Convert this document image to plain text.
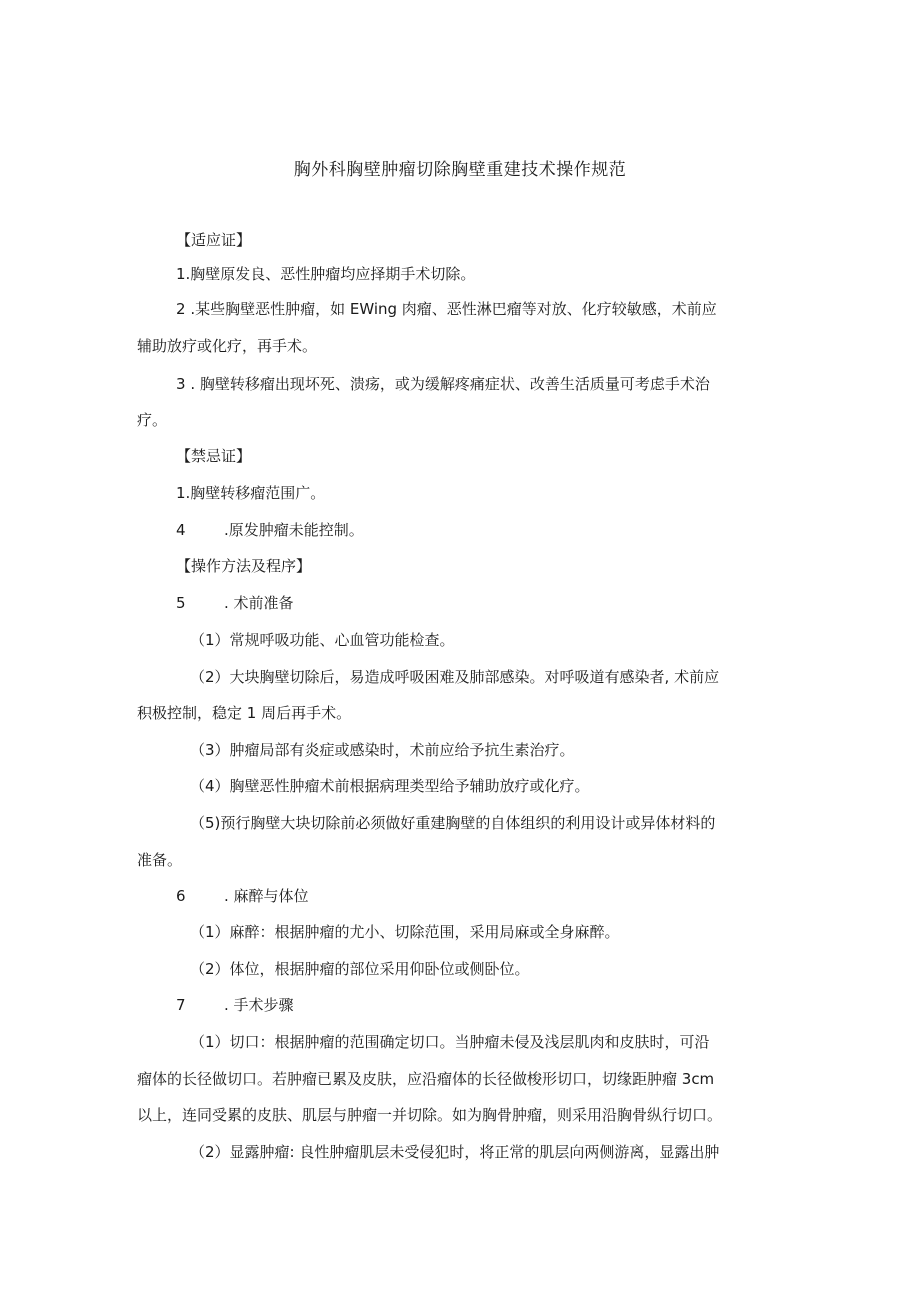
胸外科胸壁肿瘤切除胸壁重建技术操作规范
【适应证】
1.胸壁原发良、恶性肿瘤均应择期手术切除。
2 .某些胸壁恶性肿瘤，如 EWing 肉瘤、恶性淋巴瘤等对放、化疗较敏感，术前应
辅助放疗或化疗，再手术。
3 . 胸壁转移瘤出现坏死、溃疡，或为缓解疼痛症状、改善生活质量可考虑手术治
疗。
【禁忌证】
1.胸壁转移瘤范围广。
4	.原发肿瘤未能控制。
【操作方法及程序】
5	. 术前准备
（1）常规呼吸功能、心血管功能检查。
（2）大块胸壁切除后，易造成呼吸困难及肺部感染。对呼吸道有感染者, 术前应
积极控制，稳定 1 周后再手术。
（3）肿瘤局部有炎症或感染时，术前应给予抗生素治疗。
（4）胸壁恶性肿瘤术前根据病理类型给予辅助放疗或化疗。
（5)预行胸壁大块切除前必须做好重建胸壁的自体组织的利用设计或异体材料的
准备。
6	. 麻醉与体位
（1）麻醉：根据肿瘤的尤小、切除范围，采用局麻或全身麻醉。
（2）体位，根据肿瘤的部位采用仰卧位或侧卧位。
7	. 手术步骤
（1）切口：根据肿瘤的范围确定切口。当肿瘤未侵及浅层肌肉和皮肤时，可沿
瘤体的长径做切口。若肿瘤已累及皮肤，应沿瘤体的长径做梭形切口，切缘距肿瘤 3cm
以上，连同受累的皮肤、肌层与肿瘤一并切除。如为胸骨肿瘤，则采用沿胸骨纵行切口。
（2）显露肿瘤: 良性肿瘤肌层未受侵犯时，将正常的肌层向两侧游离，显露出肿
